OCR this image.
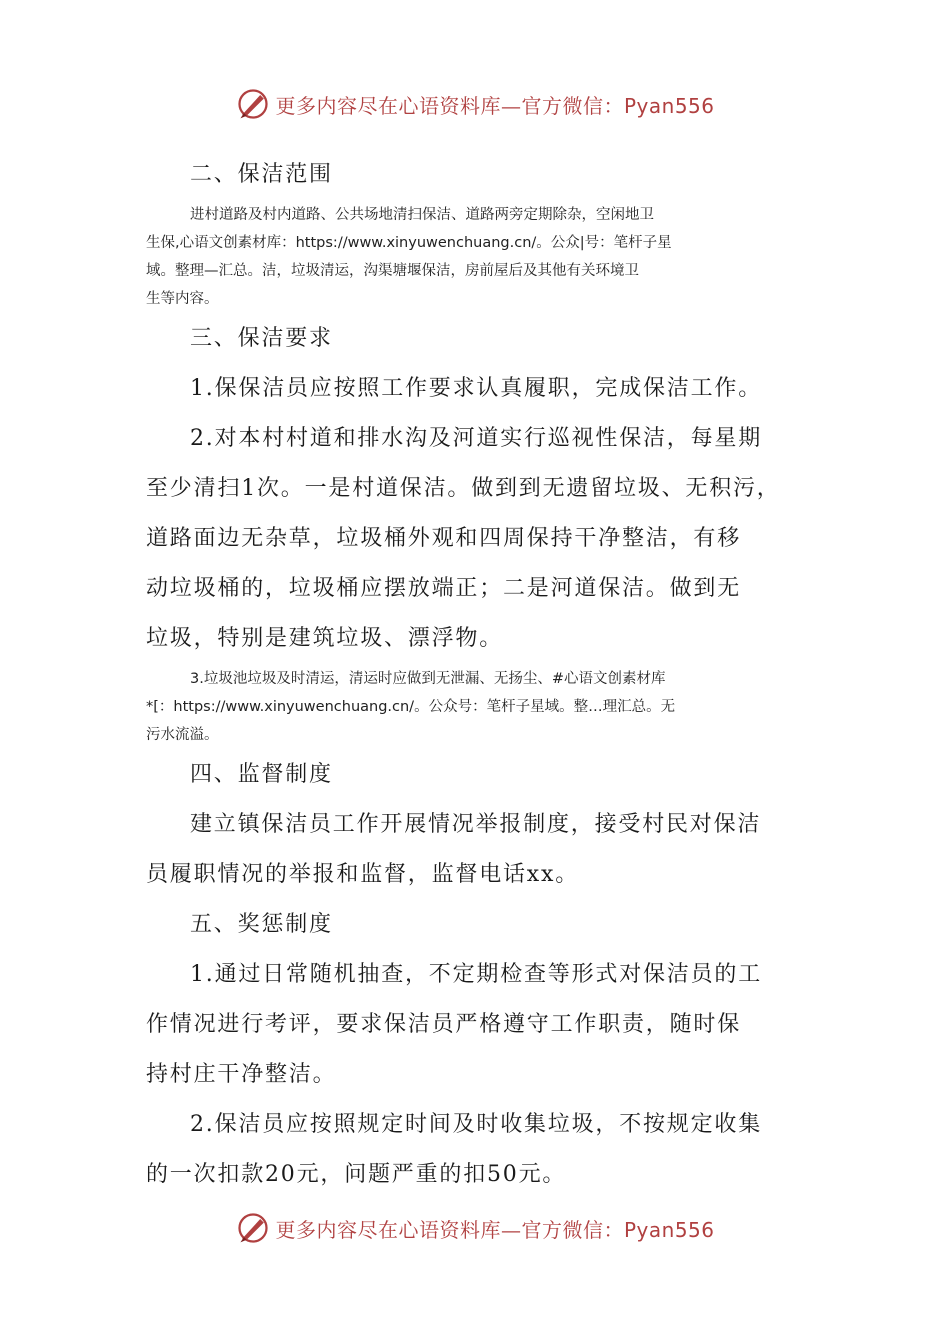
更多内容尽在心语资料库—官方微信：Pyan556

二、保洁范围

进村道路及村内道路、公共场地清扫保洁、道路两旁定期除杂，空闲地卫

生保,心语文创素材库：https://www.xinyuwenchuang.cn/。公众|号：笔杆子星

域。整理—汇总。洁，垃圾清运，沟渠塘堰保洁，房前屋后及其他有关环境卫

生等内容。

三、保洁要求

1.保保洁员应按照工作要求认真履职，完成保洁工作。

2.对本村村道和排水沟及河道实行巡视性保洁，每星期

至少清扫1次。一是村道保洁。做到到无遗留垃圾、无积污，

道路面边无杂草，垃圾桶外观和四周保持干净整洁，有移

动垃圾桶的，垃圾桶应摆放端正；二是河道保洁。做到无

垃圾，特别是建筑垃圾、漂浮物。

3.垃圾池垃圾及时清运，清运时应做到无泄漏、无扬尘、#心语文创素材库

*[：https://www.xinyuwenchuang.cn/。公众号：笔杆子星域。整…理汇总。无

污水流溢。

四、监督制度

建立镇保洁员工作开展情况举报制度，接受村民对保洁

员履职情况的举报和监督，监督电话xx。

五、奖惩制度

1.通过日常随机抽查，不定期检查等形式对保洁员的工

作情况进行考评，要求保洁员严格遵守工作职责，随时保

持村庄干净整洁。

2.保洁员应按照规定时间及时收集垃圾，不按规定收集

的一次扣款20元，问题严重的扣50元。

更多内容尽在心语资料库—官方微信：Pyan556
